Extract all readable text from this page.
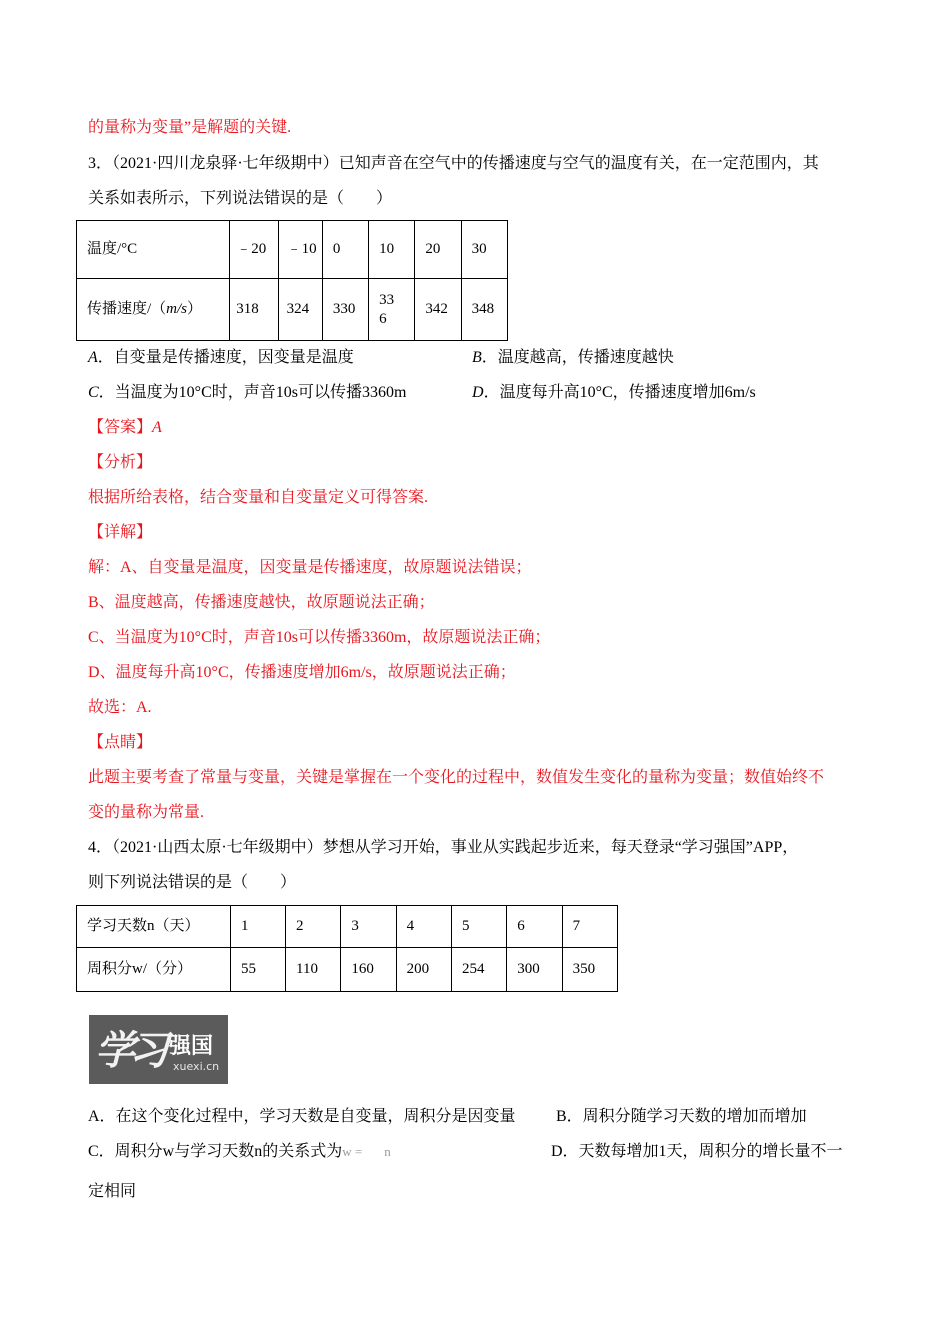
的量称为变量”是解题的关键.
3．（2021·四川龙泉驿·七年级期中）已知声音在空气中的传播速度与空气的温度有关，在一定范围内，其
关系如表所示，下列说法错误的是（　　）
温度/°C	﹣20	﹣10	0	10	20	30
传播速度/（m/s）	318	324	330	336	342	348
A．自变量是传播速度，因变量是温度	B．温度越高，传播速度越快
C．当温度为10°C时，声音10s可以传播3360m	D．温度每升高10°C，传播速度增加6m/s
【答案】A
【分析】
根据所给表格，结合变量和自变量定义可得答案.
【详解】
解：A、自变量是温度，因变量是传播速度，故原题说法错误；
B、温度越高，传播速度越快，故原题说法正确；
C、当温度为10°C时，声音10s可以传播3360m，故原题说法正确；
D、温度每升高10°C，传播速度增加6m/s，故原题说法正确；
故选：A.
【点睛】
此题主要考查了常量与变量，关键是掌握在一个变化的过程中，数值发生变化的量称为变量；数值始终不
变的量称为常量.
4．（2021·山西太原·七年级期中）梦想从学习开始，事业从实践起步近来，每天登录“学习强国”APP，
则下列说法错误的是（　　）
学习天数n（天）	1	2	3	4	5	6	7
周积分w/（分）	55	110	160	200	254	300	350
学习 强国
xuexi.cn
A．在这个变化过程中，学习天数是自变量，周积分是因变量	B．周积分随学习天数的增加而增加
C．周积分w与学习天数n的关系式为w = n	D．天数每增加1天，周积分的增长量不一
定相同
